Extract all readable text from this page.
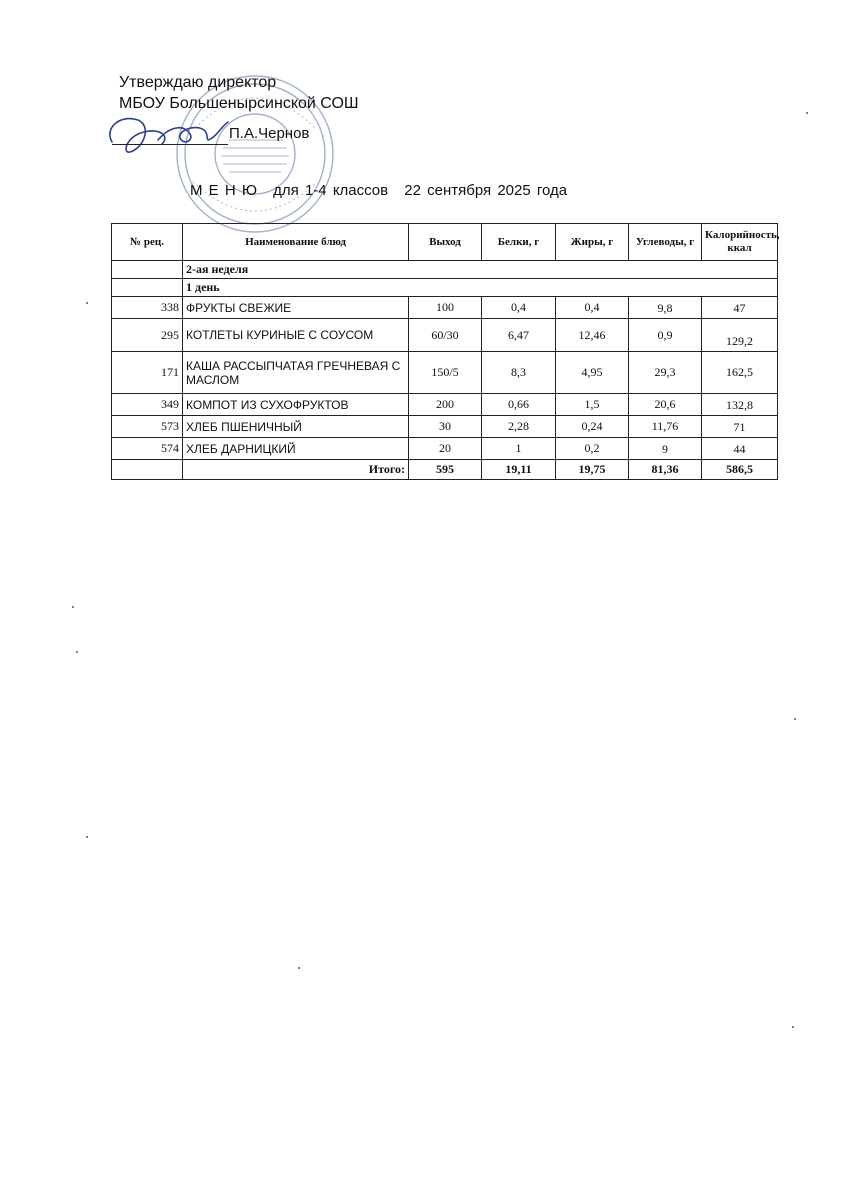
Утверждаю директор
МБОУ Большенырсинской СОШ
П.А.Чернов
М Е Н Ю для 1-4 классов 22 сентября 2025 года
№ рец.	Наименование блюд	Выход	Белки, г	Жиры, г	Углеводы, г	Калорийность, ккал
	2-ая неделя					
	1 день					
338	ФРУКТЫ СВЕЖИЕ	100	0,4	0,4	9,8	47
295	КОТЛЕТЫ КУРИНЫЕ С СОУСОМ	60/30	6,47	12,46	0,9	129,2
171	КАША РАССЫПЧАТАЯ ГРЕЧНЕВАЯ С МАСЛОМ	150/5	8,3	4,95	29,3	162,5
349	КОМПОТ ИЗ СУХОФРУКТОВ	200	0,66	1,5	20,6	132,8
573	ХЛЕБ ПШЕНИЧНЫЙ	30	2,28	0,24	11,76	71
574	ХЛЕБ ДАРНИЦКИЙ	20	1	0,2	9	44
	Итого:	595	19,11	19,75	81,36	586,5
